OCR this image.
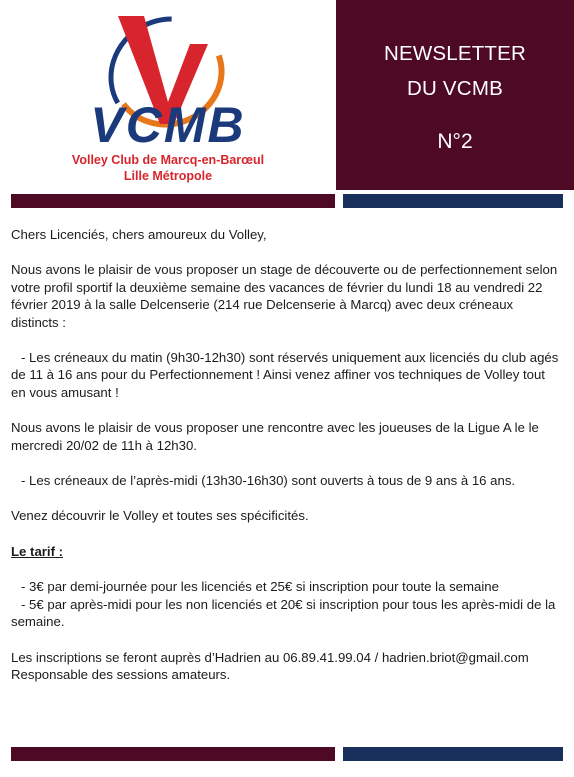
VCMB
Volley Club de Marcq-en-Barœul
Lille Métropole
NEWSLETTER
DU VCMB
N°2

Chers Licenciés, chers amoureux du Volley,

Nous avons le plaisir de vous proposer un stage de découverte ou de perfectionnement selon votre profil sportif la deuxième semaine des vacances de février du lundi 18 au vendredi 22 février 2019 à la salle Delcenserie (214 rue Delcenserie à Marcq) avec deux créneaux distincts :

- Les créneaux du matin (9h30-12h30) sont réservés uniquement aux licenciés du club agés de 11 à 16 ans pour du Perfectionnement ! Ainsi venez affiner vos techniques de Volley tout en vous amusant !

Nous avons le plaisir de vous proposer une rencontre avec les joueuses de la Ligue A le le mercredi 20/02 de 11h à 12h30.

- Les créneaux de l’après-midi (13h30-16h30) sont ouverts à tous de 9 ans à 16 ans.

Venez découvrir le Volley et toutes ses spécificités.

Le tarif :

- 3€ par demi-journée pour les licenciés et 25€ si inscription pour toute la semaine

- 5€ par après-midi pour les non licenciés et 20€ si inscription pour tous les après-midi de la semaine.

Les inscriptions se feront auprès d’Hadrien au 06.89.41.99.04 / hadrien.briot@gmail.com Responsable des sessions amateurs.
